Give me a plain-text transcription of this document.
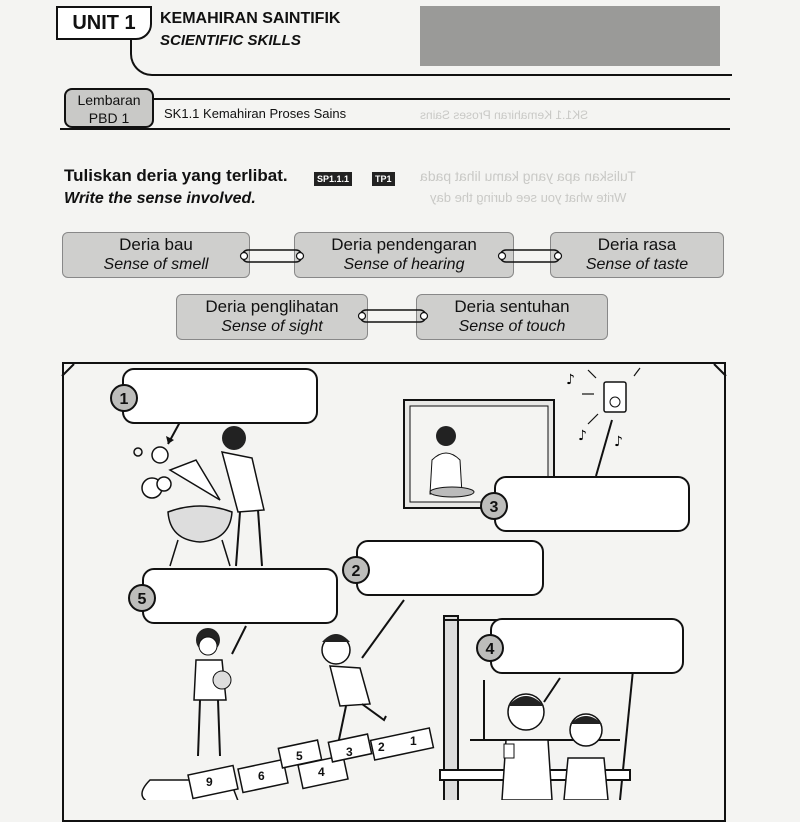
SK1.1 Kemahiran Proses Sains
Tuliskan apa yang kamu lihat pada
Write what you see during the day
UNIT 1	KEMAHIRAN SAINTIFIK
SCIENTIFIC SKILLS
Lembaran
PBD 1	SK1.1 Kemahiran Proses Sains
Tuliskan deria yang terlibat.	SP1.1.1	TP1
Write the sense involved.
Deria bau
Sense of smell
Deria pendengaran
Sense of hearing
Deria rasa
Sense of taste
Deria penglihatan
Sense of sight
Deria sentuhan
Sense of touch
♪
♪ ♪
1
2
3
4
5
6
9
1
2
3
4
5
